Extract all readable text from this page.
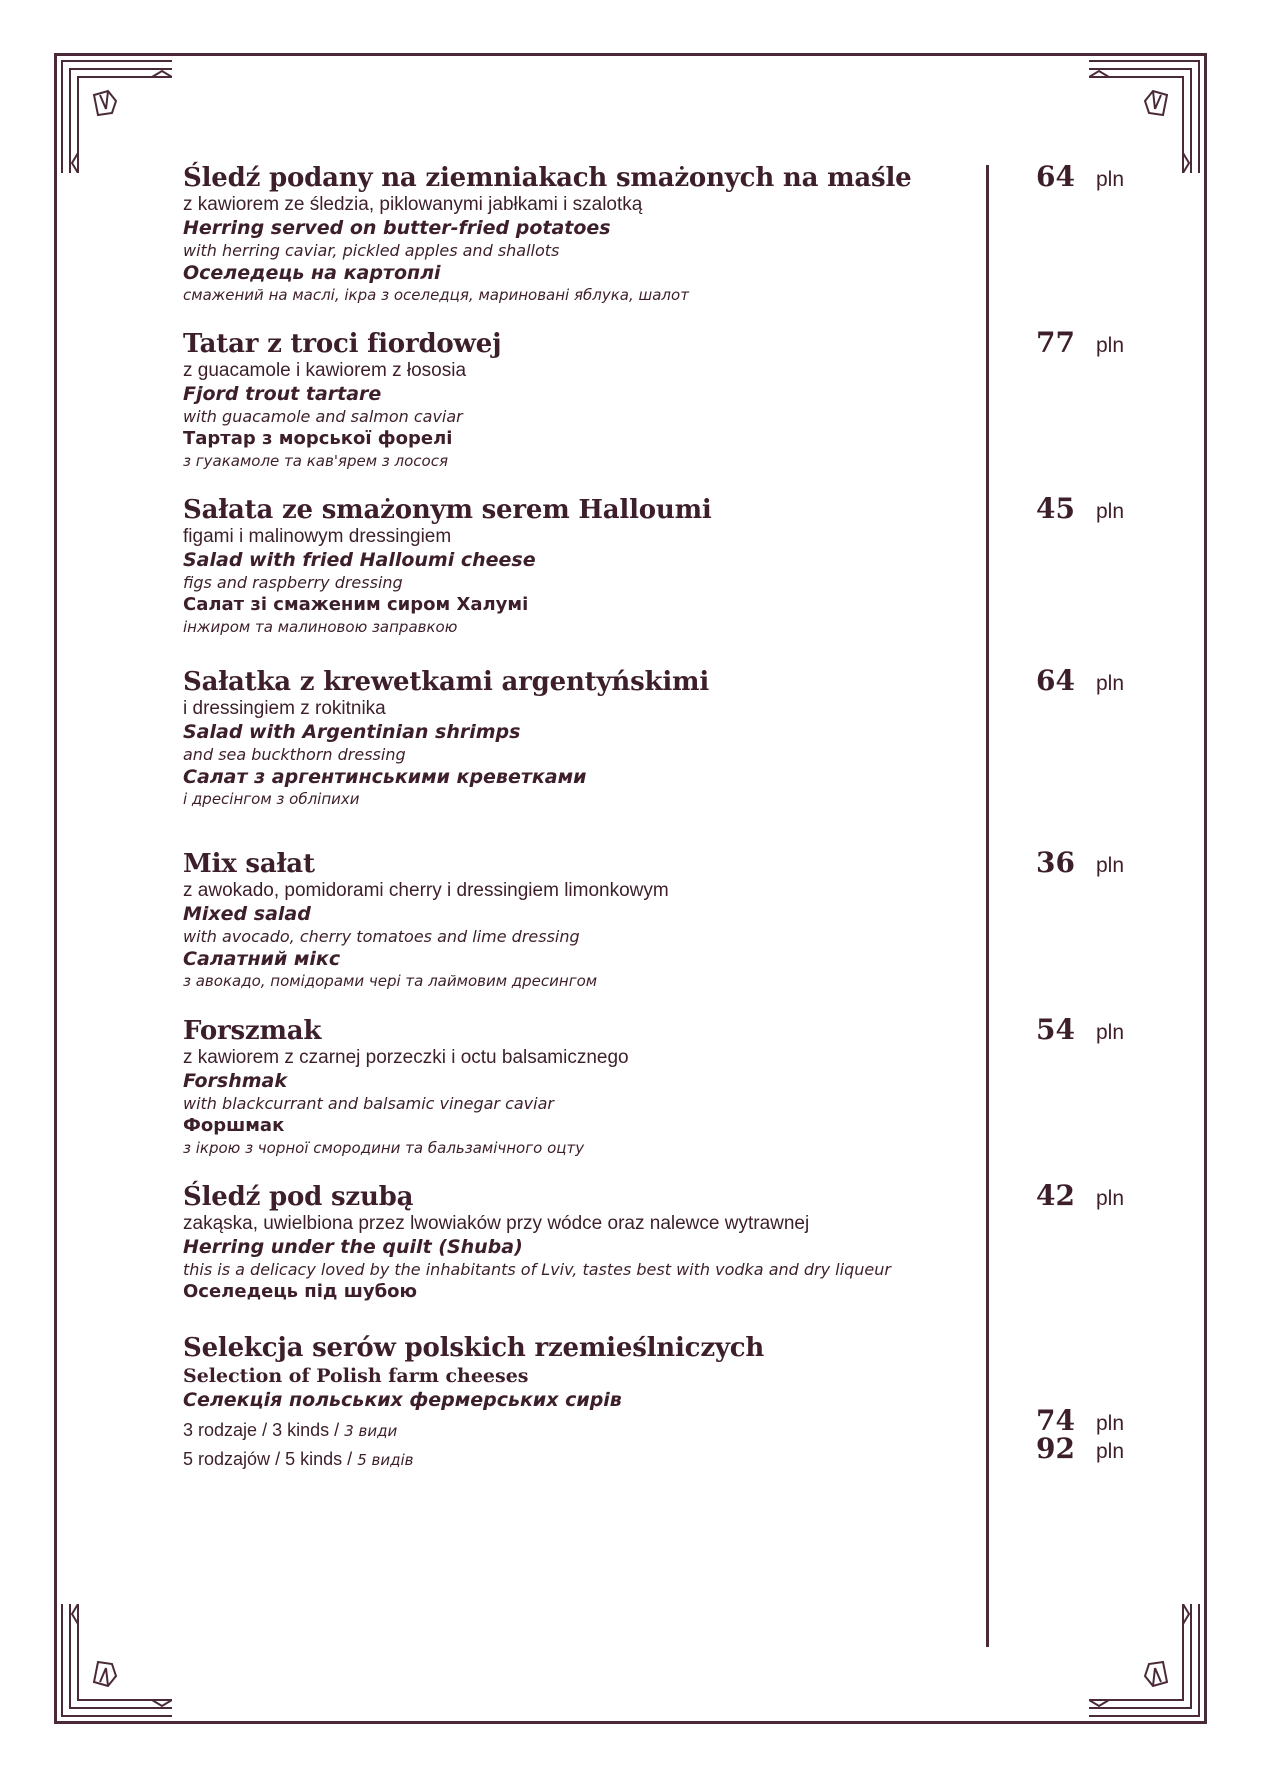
Śledź podany na ziemniakach smażonych na maśle
z kawiorem ze śledzia, piklowanymi jabłkami i szalotką
Herring served on butter-fried potatoes
with herring caviar, pickled apples and shallots
Оселедець на картоплі
смажений на маслі, ікра з оселедця, мариновані яблука, шалот
64 pln
Tatar z troci fiordowej
z guacamole i kawiorem z łososia
Fjord trout tartare
with guacamole and salmon caviar
Тартар з морської форелі
з гуакамоле та кав'ярем з лосося
77 pln
Sałata ze smażonym serem Halloumi
figami i malinowym dressingiem
Salad with fried Halloumi cheese
figs and raspberry dressing
Салат зі смаженим сиром Халумі
інжиром та малиновою заправкою
45 pln
Sałatka z krewetkami argentyńskimi
i dressingiem z rokitnika
Salad with Argentinian shrimps
and sea buckthorn dressing
Салат з аргентинськими креветками
і дресінгом з обліпихи
64 pln
Mix sałat
z awokado, pomidorami cherry i dressingiem limonkowym
Mixed salad
with avocado, cherry tomatoes and lime dressing
Салатний мікс
з авокадо, помідорами чері та лаймовим дресингом
36 pln
Forszmak
z kawiorem z czarnej porzeczki i octu balsamicznego
Forshmak
with blackcurrant and balsamic vinegar caviar
Форшмак
з ікрою з чорної смородини та бальзамічного оцту
54 pln
Śledź pod szubą
zakąska, uwielbiona przez lwowiaków przy wódce oraz nalewce wytrawnej
Herring under the quilt (Shuba)
this is a delicacy loved by the inhabitants of Lviv, tastes best with vodka and dry liqueur
Оселедець під шубою
42 pln
Selekcja serów polskich rzemieślniczych
Selection of Polish farm cheeses
Селекція польських фермерських сирів
3 rodzaje / 3 kinds / 3 види
5 rodzajów / 5 kinds / 5 видів
74 pln
92 pln
